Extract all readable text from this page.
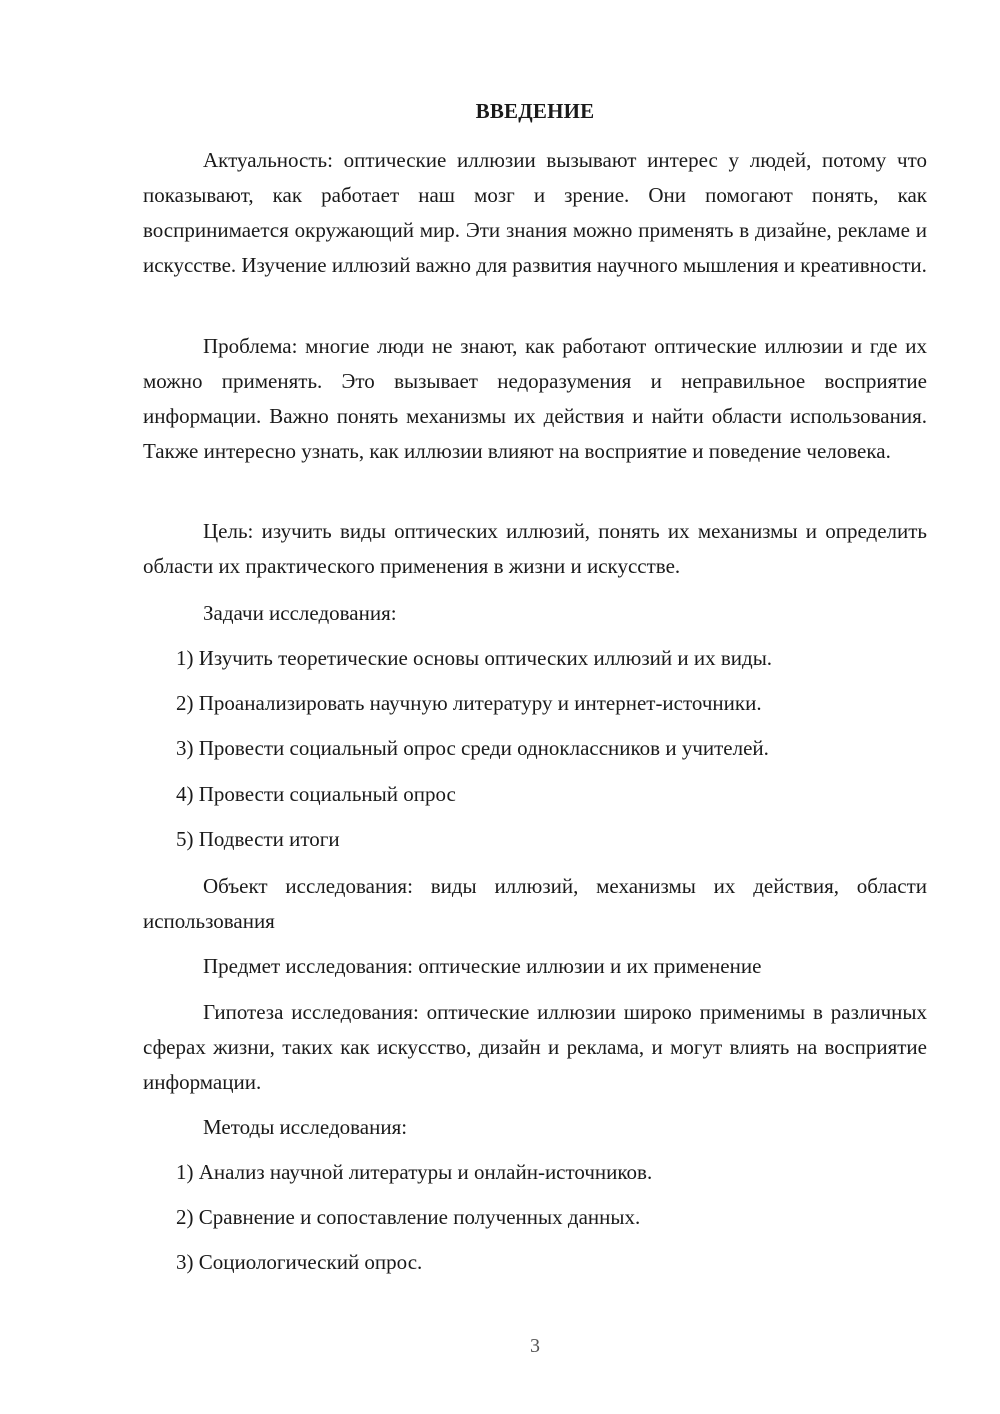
ВВЕДЕНИЕ

Актуальность: оптические иллюзии вызывают интерес у людей, потому что показывают, как работает наш мозг и зрение. Они помогают понять, как воспринимается окружающий мир. Эти знания можно применять в дизайне, рекламе и искусстве. Изучение иллюзий важно для развития научного мышления и креативности.

Проблема: многие люди не знают, как работают оптические иллюзии и где их можно применять. Это вызывает недоразумения и неправильное восприятие информации. Важно понять механизмы их действия и найти области использования. Также интересно узнать, как иллюзии влияют на восприятие и поведение человека.

Цель: изучить виды оптических иллюзий, понять их механизмы и определить области их практического применения в жизни и искусстве.

Задачи исследования:

1) Изучить теоретические основы оптических иллюзий и их виды.

2) Проанализировать научную литературу и интернет-источники.

3) Провести социальный опрос среди одноклассников и учителей.

4) Провести социальный опрос

5) Подвести итоги

Объект исследования: виды иллюзий, механизмы их действия, области использования

Предмет исследования: оптические иллюзии и их применение

Гипотеза исследования: оптические иллюзии широко применимы в различных сферах жизни, таких как искусство, дизайн и реклама, и могут влиять на восприятие информации.

Методы исследования:

1) Анализ научной литературы и онлайн-источников.

2) Сравнение и сопоставление полученных данных.

3) Социологический опрос.

3
